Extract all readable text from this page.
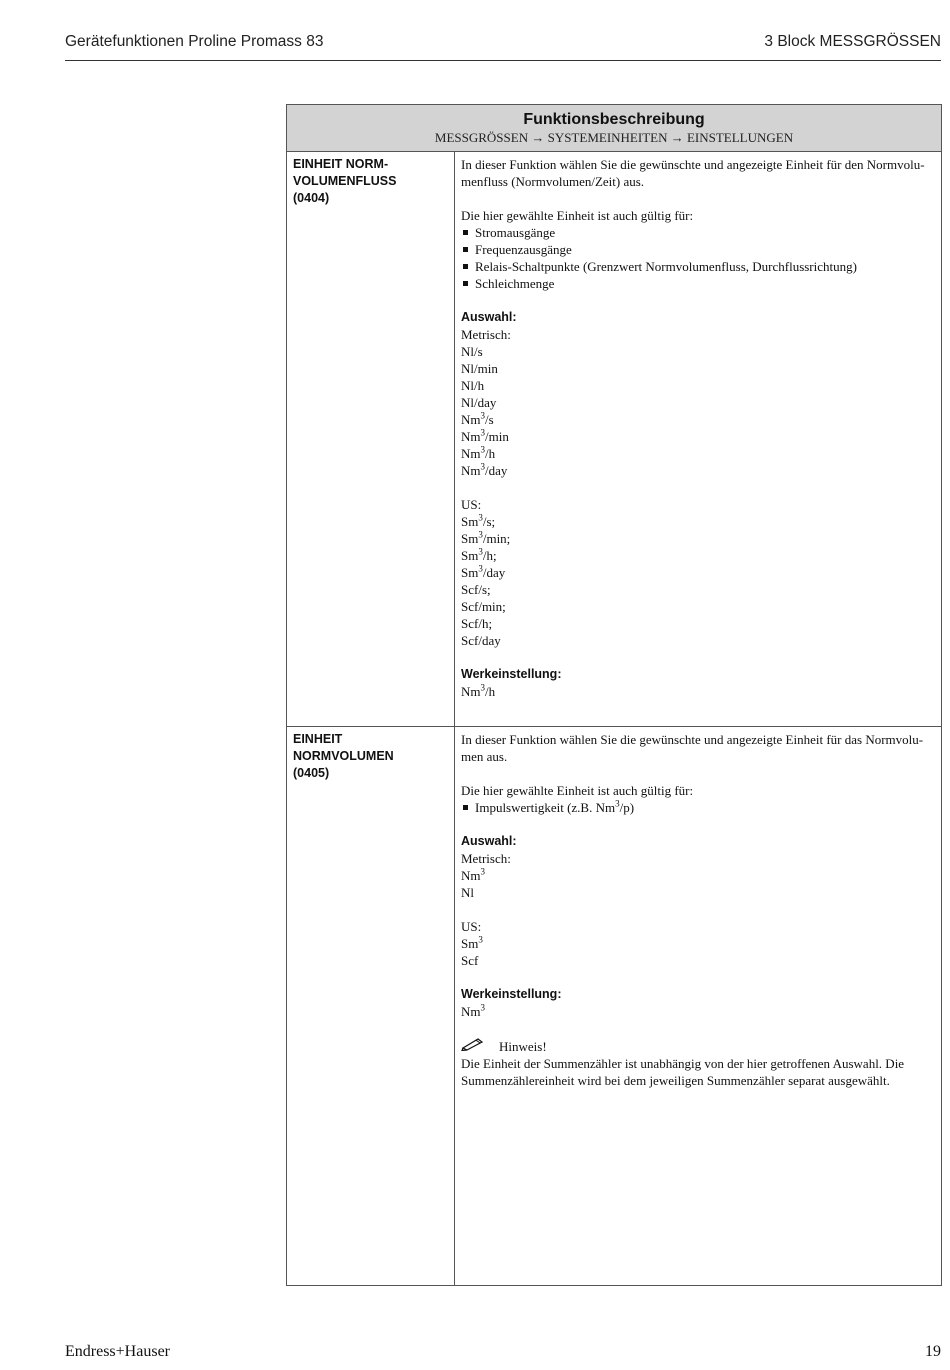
Gerätefunktionen Proline Promass 83	3 Block MESSGRÖSSEN
Funktionsbeschreibung
MESSGRÖSSEN → SYSTEMEINHEITEN → EINSTELLUNGEN
EINHEIT NORM-
VOLUMENFLUSS
(0404)

In dieser Funktion wählen Sie die gewünschte und angezeigte Einheit für den Normvolu-menfluss (Normvolumen/Zeit) aus.

Die hier gewählte Einheit ist auch gültig für:

Stromausgänge
Frequenzausgänge
Relais-Schaltpunkte (Grenzwert Normvolumenfluss, Durchflussrichtung)
Schleichmenge

Auswahl:

Metrisch:

Nl/s
Nl/min
Nl/h
Nl/day
Nm$^3$/s
Nm$^3$/min
Nm$^3$/h
Nm$^3$/day

US:

Sm$^3$/s;
Sm$^3$/min;
Sm$^3$/h;
Sm$^3$/day
Scf/s;
Scf/min;
Scf/h;
Scf/day

Werkeinstellung:

Nm$^3$/h
EINHEIT
NORMVOLUMEN
(0405)

In dieser Funktion wählen Sie die gewünschte und angezeigte Einheit für das Normvolu-men aus.

Die hier gewählte Einheit ist auch gültig für:

Impulswertigkeit (z.B. Nm$^3$/p)

Auswahl:

Metrisch:

Nm$^3$
Nl

US:

Sm$^3$
Scf

Werkeinstellung:

Nm$^3$
Hinweis!

Die Einheit der Summenzähler ist unabhängig von der hier getroffenen Auswahl. Die Summenzählereinheit wird bei dem jeweiligen Summenzähler separat ausgewählt.

Endress+Hauser	19
